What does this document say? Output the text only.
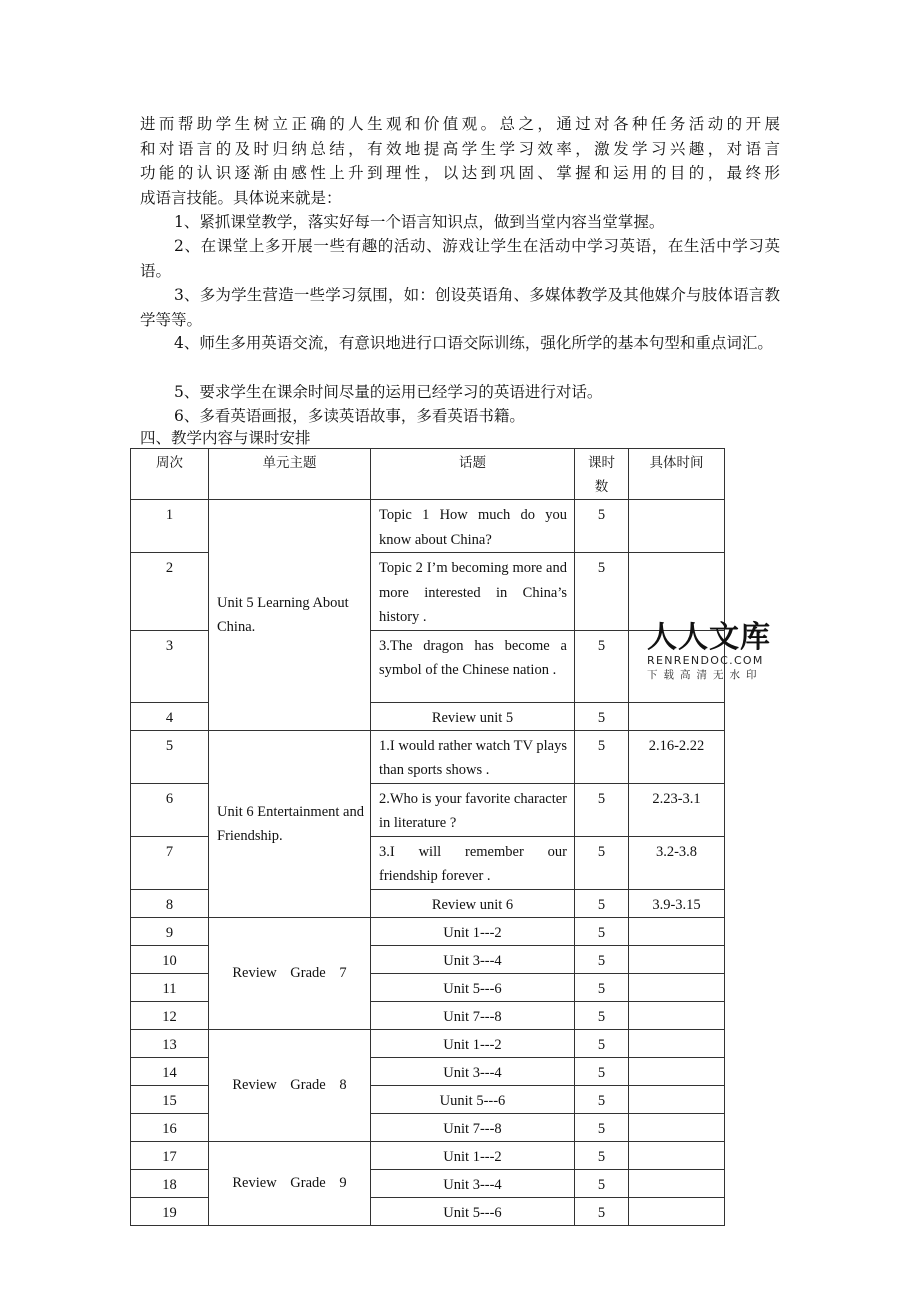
进而帮助学生树立正确的人生观和价值观。总之，通过对各种任务活动的开展
和对语言的及时归纳总结，有效地提高学生学习效率，激发学习兴趣，对语言
功能的认识逐渐由感性上升到理性，以达到巩固、掌握和运用的目的，最终形
成语言技能。具体说来就是：
1、紧抓课堂教学，落实好每一个语言知识点，做到当堂内容当堂掌握。
2、在课堂上多开展一些有趣的活动、游戏让学生在活动中学习英语，在生活中学习英语。
3、多为学生营造一些学习氛围，如：创设英语角、多媒体教学及其他媒介与肢体语言教学等等。
4、师生多用英语交流，有意识地进行口语交际训练，强化所学的基本句型和重点词汇。
5、要求学生在课余时间尽量的运用已经学习的英语进行对话。
6、多看英语画报，多读英语故事，多看英语书籍。
四、教学内容与课时安排
周次	单元主题	话题	课时数	具体时间

1	Unit 5 Learning About China.	Topic 1 How much do you know about China?	5	
2		Topic 2 I’m becoming more and more interested in China’s history .	5	
3		3.The dragon has become a symbol of the Chinese nation .	5	
4		Review unit 5	5	
5	Unit 6 Entertainment and Friendship.	1.I would rather watch TV plays than sports shows .	5	2.16-2.22
6		2.Who is your favorite character in literature ?	5	2.23-3.1
7		3.I will remember our friendship forever .	5	3.2-3.8
8		Review unit 6	5	3.9-3.15
9	Review Grade 7	Unit 1---2	5	
10		Unit 3---4	5	
11		Unit 5---6	5	
12		Unit 7---8	5	
13	Review Grade 8	Unit 1---2	5	
14		Unit 3---4	5	
15		Uunit 5---6	5	
16		Unit 7---8	5	
17	Review Grade 9	Unit 1---2	5	
18		Unit 3---4	5	
19		Unit 5---6	5	
人人文库
RENRENDOC.COM
下载高清无水印
